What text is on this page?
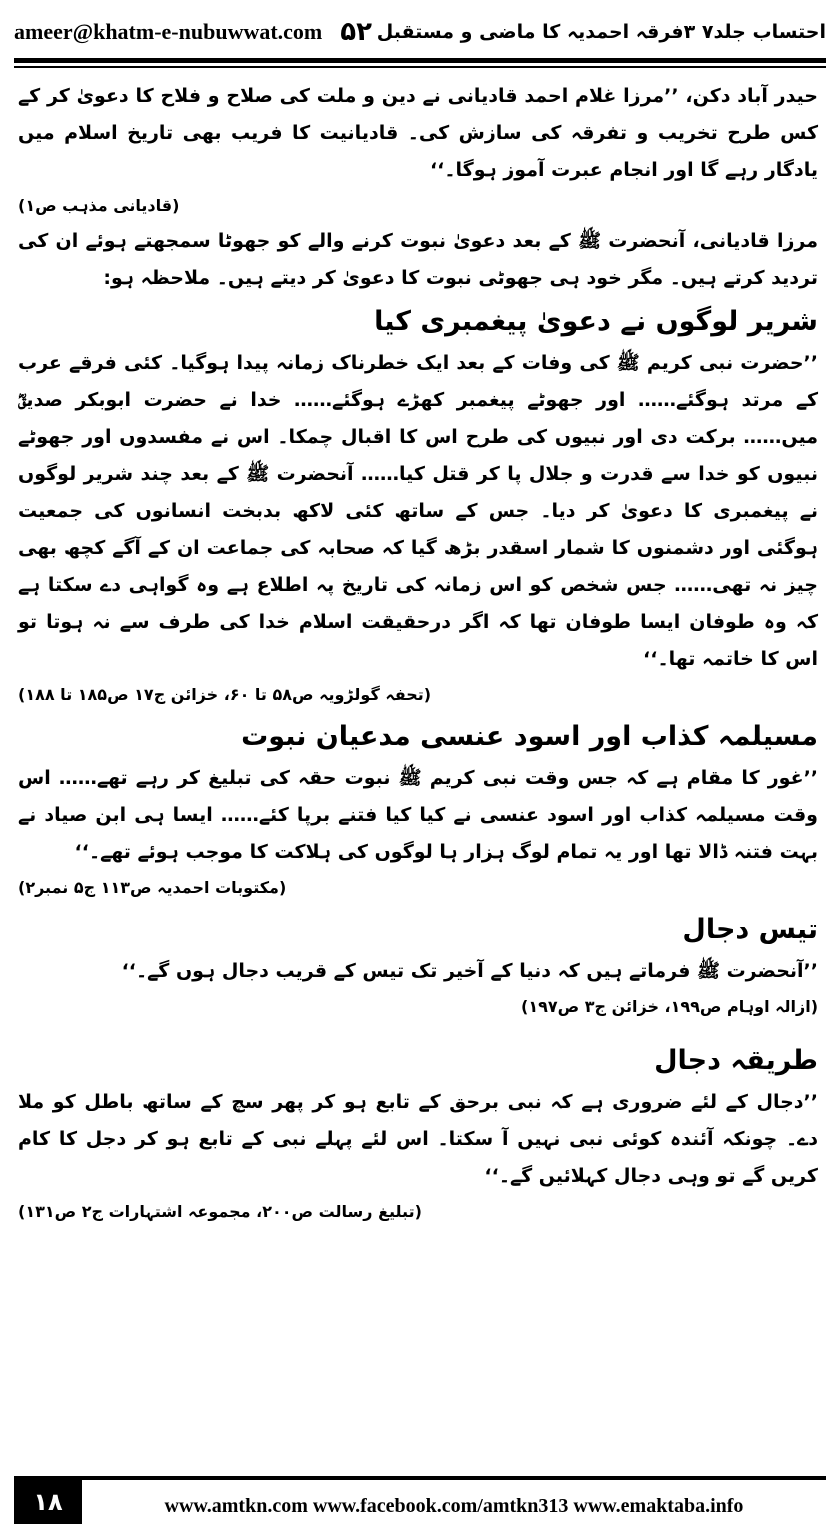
ameer@khatm-e-nubuwwat.com ۵۲ احتساب جلد۷ ۳فرقہ احمدیہ کا ماضی و مستقبل

حیدر آباد دکن، ’’مرزا غلام احمد قادیانی نے دین و ملت کی صلاح و فلاح کا دعویٰ کر کے کس طرح تخریب و تفرقہ کی سازش کی۔ قادیانیت کا فریب بھی تاریخ اسلام میں یادگار رہے گا اور انجام عبرت آموز ہوگا۔‘‘

(قادیانی مذہب ص۱)

مرزا قادیانی، آنحضرت ﷺ کے بعد دعویٰ نبوت کرنے والے کو جھوٹا سمجھتے ہوئے ان کی تردید کرتے ہیں۔ مگر خود ہی جھوٹی نبوت کا دعویٰ کر دیتے ہیں۔ ملاحظہ ہو:

شریر لوگوں نے دعویٰ پیغمبری کیا

’’حضرت نبی کریم ﷺ کی وفات کے بعد ایک خطرناک زمانہ پیدا ہوگیا۔ کئی فرقے عرب کے مرتد ہوگئے…… اور جھوٹے پیغمبر کھڑے ہوگئے…… خدا نے حضرت ابوبکر صدیقؓ میں…… برکت دی اور نبیوں کی طرح اس کا اقبال چمکا۔ اس نے مفسدوں اور جھوٹے نبیوں کو خدا سے قدرت و جلال پا کر قتل کیا…… آنحضرت ﷺ کے بعد چند شریر لوگوں نے پیغمبری کا دعویٰ کر دیا۔ جس کے ساتھ کئی لاکھ بدبخت انسانوں کی جمعیت ہوگئی اور دشمنوں کا شمار اسقدر بڑھ گیا کہ صحابہ کی جماعت ان کے آگے کچھ بھی چیز نہ تھی…… جس شخص کو اس زمانہ کی تاریخ پہ اطلاع ہے وہ گواہی دے سکتا ہے کہ وہ طوفان ایسا طوفان تھا کہ اگر درحقیقت اسلام خدا کی طرف سے نہ ہوتا تو اس کا خاتمہ تھا۔‘‘

(تحفہ گولڑویہ ص۵۸ تا ۶۰، خزائن ج۱۷ ص۱۸۵ تا ۱۸۸)
مسیلمہ کذاب اور اسود عنسی مدعیان نبوت

’’غور کا مقام ہے کہ جس وقت نبی کریم ﷺ نبوت حقہ کی تبلیغ کر رہے تھے…… اس وقت مسیلمہ کذاب اور اسود عنسی نے کیا کیا فتنے برپا کئے…… ایسا ہی ابن صیاد نے بہت فتنہ ڈالا تھا اور یہ تمام لوگ ہزار ہا لوگوں کی ہلاکت کا موجب ہوئے تھے۔‘‘

(مکتوبات احمدیہ ص۱۱۳ ج۵ نمبر۲)
تیس دجال

’’آنحضرت ﷺ فرماتے ہیں کہ دنیا کے آخیر تک تیس کے قریب دجال ہوں گے۔‘‘

(ازالہ اوہام ص۱۹۹، خزائن ج۳ ص۱۹۷)
طریقہ دجال

’’دجال کے لئے ضروری ہے کہ نبی برحق کے تابع ہو کر پھر سچ کے ساتھ باطل کو ملا دے۔ چونکہ آئندہ کوئی نبی نہیں آ سکتا۔ اس لئے پہلے نبی کے تابع ہو کر دجل کا کام کریں گے تو وہی دجال کہلائیں گے۔‘‘

(تبلیغ رسالت ص۲۰۰، مجموعہ اشتہارات ج۲ ص۱۳۱)
۱۸	www.amtkn.com www.facebook.com/amtkn313 www.emaktaba.info
